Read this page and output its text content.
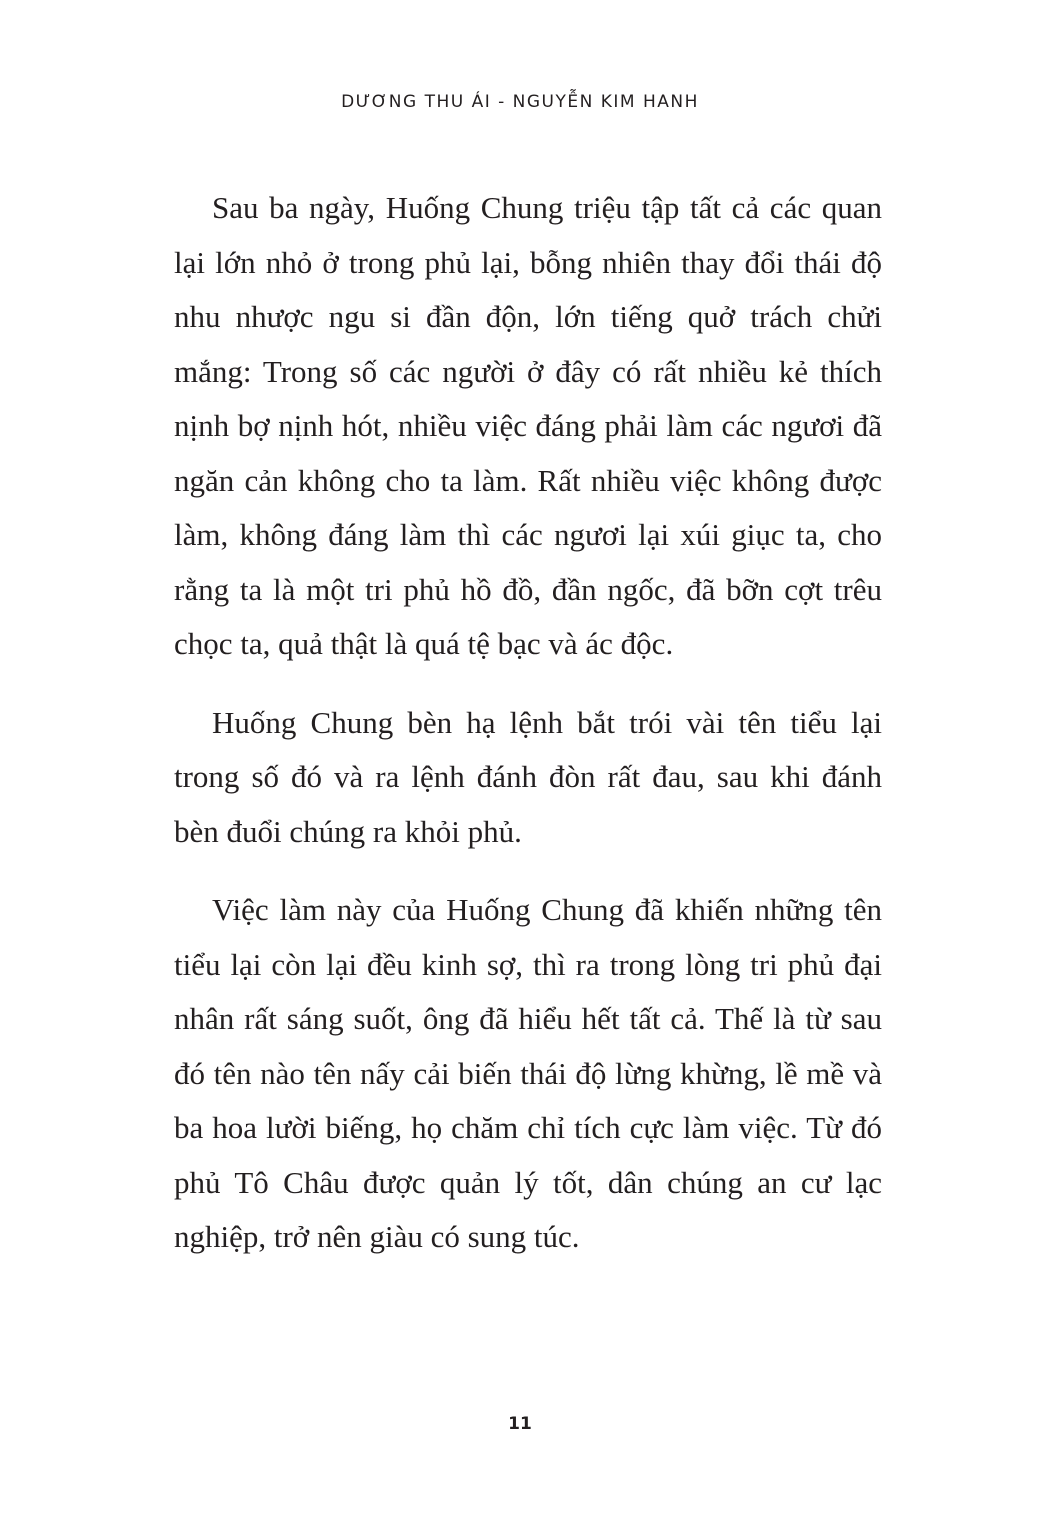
DƯƠNG THU ÁI - NGUYỄN KIM HANH

Sau ba ngày, Huống Chung triệu tập tất cả các quan lại lớn nhỏ ở trong phủ lại, bỗng nhiên thay đổi thái độ nhu nhược ngu si đần độn, lớn tiếng quở trách chửi mắng: Trong số các người ở đây có rất nhiều kẻ thích nịnh bợ nịnh hót, nhiều việc đáng phải làm các ngươi đã ngăn cản không cho ta làm. Rất nhiều việc không được làm, không đáng làm thì các ngươi lại xúi giục ta, cho rằng ta là một tri phủ hồ đồ, đần ngốc, đã bỡn cợt trêu chọc ta, quả thật là quá tệ bạc và ác độc.

Huống Chung bèn hạ lệnh bắt trói vài tên tiểu lại trong số đó và ra lệnh đánh đòn rất đau, sau khi đánh bèn đuổi chúng ra khỏi phủ.

Việc làm này của Huống Chung đã khiến những tên tiểu lại còn lại đều kinh sợ, thì ra trong lòng tri phủ đại nhân rất sáng suốt, ông đã hiểu hết tất cả. Thế là từ sau đó tên nào tên nấy cải biến thái độ lừng khừng, lề mề và ba hoa lười biếng, họ chăm chỉ tích cực làm việc. Từ đó phủ Tô Châu được quản lý tốt, dân chúng an cư lạc nghiệp, trở nên giàu có sung túc.

11
